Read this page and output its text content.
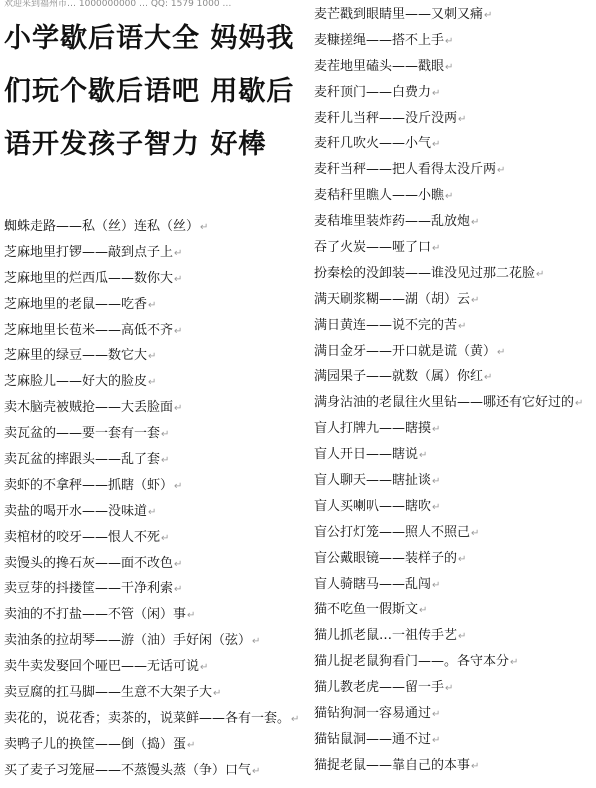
欢迎来到福州市… 1000000000 … QQ: 1579 1000 …
小学歇后语大全 妈妈我们玩个歇后语吧 用歇后语开发孩子智力 好棒
蜘蛛走路——私（丝）连私（丝）↵
芝麻地里打锣——敲到点子上↵
芝麻地里的烂西瓜——数你大↵
芝麻地里的老鼠——吃香↵
芝麻地里长苞米——高低不齐↵
芝麻里的绿豆——数它大↵
芝麻脸儿——好大的脸皮↵
卖木脑壳被贼抢——大丢脸面↵
卖瓦盆的——要一套有一套↵
卖瓦盆的摔跟头——乱了套↵
卖虾的不拿秤——抓瞎（虾）↵
卖盐的喝开水——没味道↵
卖棺材的咬牙——恨人不死↵
卖馒头的搀石灰——面不改色↵
卖豆芽的抖搂筐——干净利索↵
卖油的不打盐——不管（闲）事↵
卖油条的拉胡琴——游（油）手好闲（弦）↵
卖牛卖发娶回个哑巴——无话可说↵
卖豆腐的扛马脚——生意不大架子大↵
卖花的，说花香；卖茶的，说菜鲜——各有一套。↵
卖鸭子儿的换筐——倒（捣）蛋↵
买了麦子习笼屉——不蒸馒头蒸（争）口气↵
麦芒戳到眼睛里——又刺又痛↵
麦糠搓绳——搭不上手↵
麦茬地里磕头——戳眼↵
麦秆顶门——白费力↵
麦秆儿当秤——没斤没两↵
麦秆几吹火——小气↵
麦秆当秤——把人看得太没斤两↵
麦秸秆里瞧人——小瞧↵
麦秸堆里装炸药——乱放炮↵
吞了火炭——哑了口↵
扮秦桧的没卸装——谁没见过那二花脸↵
满天刷浆糊——湖（胡）云↵
满日黄连——说不完的苦↵
满日金牙——开口就是谎（黄）↵
满园果子——就数（属）你红↵
满身沾油的老鼠往火里钻——哪还有它好过的↵
盲人打牌九——瞎摸↵
盲人开日——瞎说↵
盲人聊天——瞎扯谈↵
盲人买喇叭——瞎吹↵
盲公打灯笼——照人不照己↵
盲公戴眼镜——装样子的↵
盲人骑瞎马——乱闯↵
猫不吃鱼一假斯文↵
猫儿抓老鼠…一祖传手艺↵
猫儿捉老鼠狗看门——。各守本分↵
猫儿教老虎——留一手↵
猫钻狗洞一容易通过↵
猫钻鼠洞——通不过↵
猫捉老鼠——靠自己的本事↵
